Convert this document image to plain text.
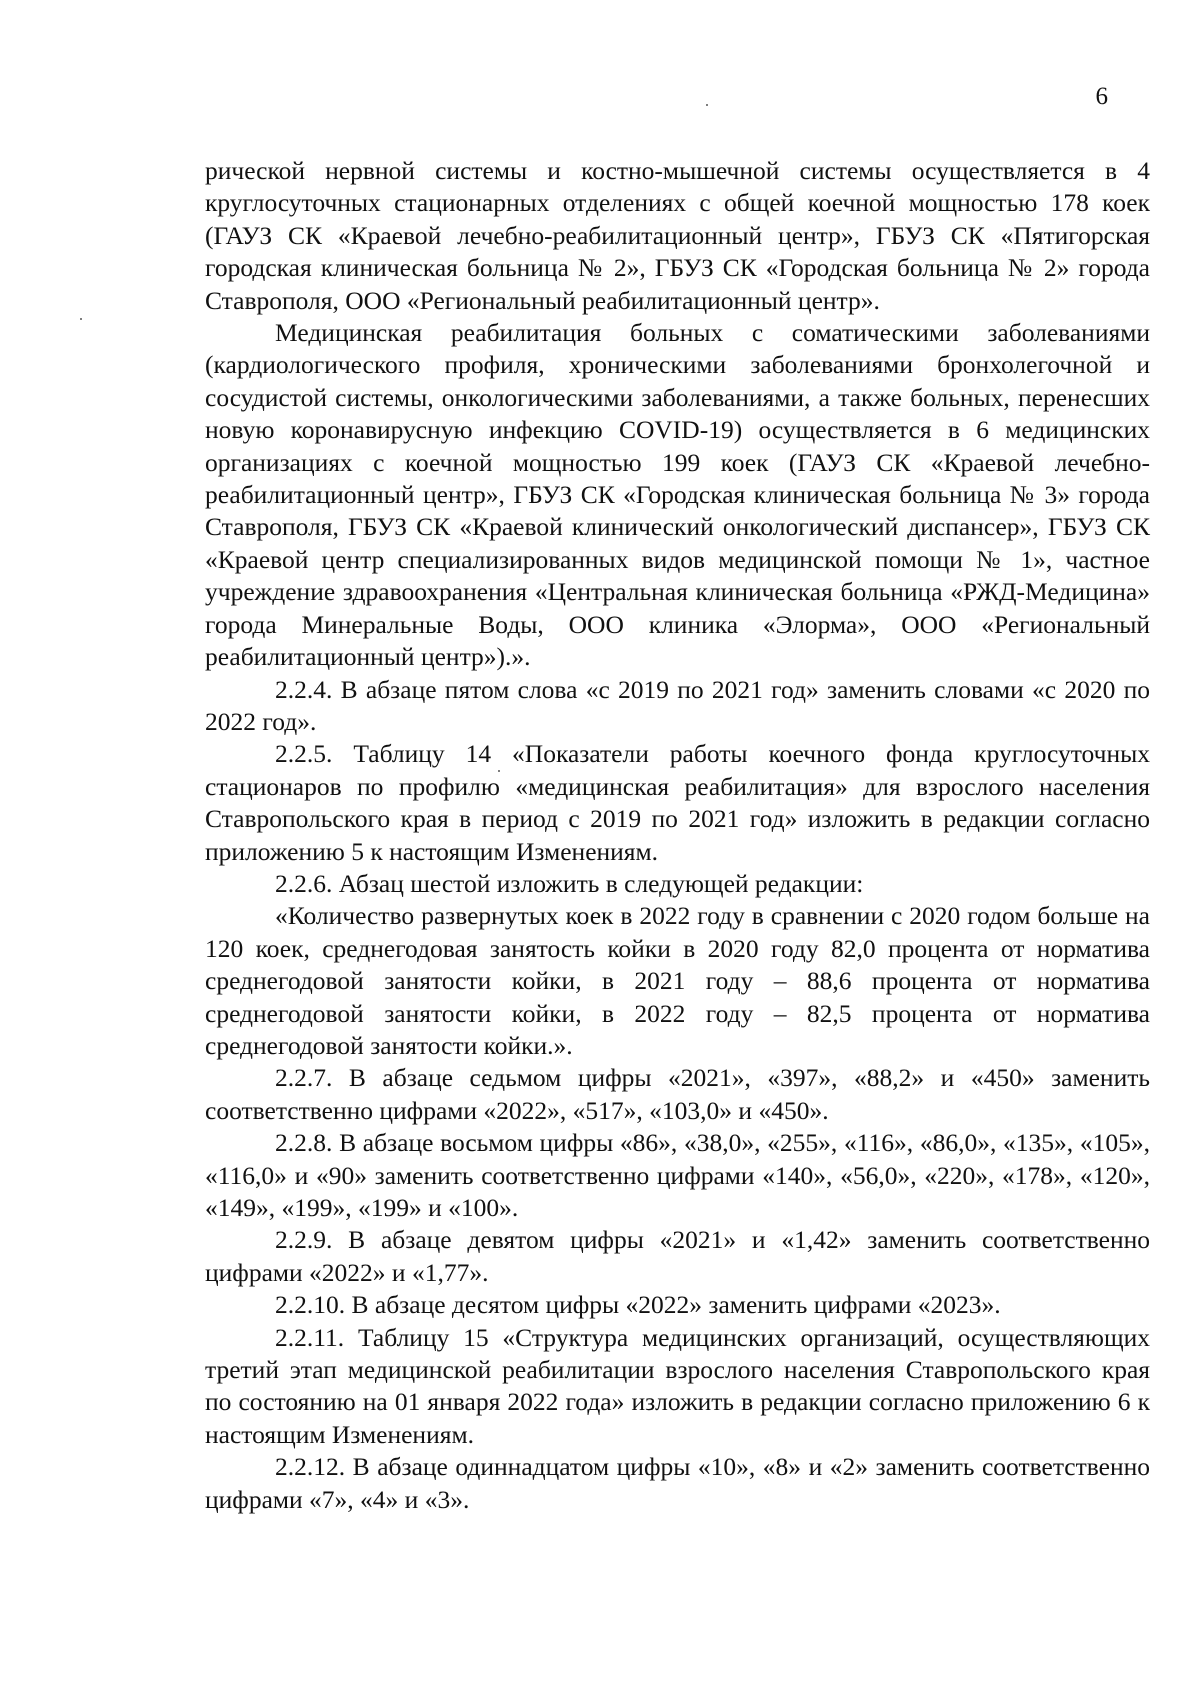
6

рической нервной системы и костно-мышечной системы осуществляется в 4 круглосуточных стационарных отделениях с общей коечной мощностью 178 коек (ГАУЗ СК «Краевой лечебно-реабилитационный центр», ГБУЗ СК «Пятигорская городская клиническая больница № 2», ГБУЗ СК «Городская больница № 2» города Ставрополя, ООО «Региональный реабилитационный центр».

Медицинская реабилитация больных с соматическими заболеваниями (кардиологического профиля, хроническими заболеваниями бронхолегочной и сосудистой системы, онкологическими заболеваниями, а также больных, перенесших новую коронавирусную инфекцию COVID-19) осуществляется в 6 медицинских организациях с коечной мощностью 199 коек (ГАУЗ СК «Краевой лечебно-реабилитационный центр», ГБУЗ СК «Городская клиническая больница № 3» города Ставрополя, ГБУЗ СК «Краевой клинический онкологический диспансер», ГБУЗ СК «Краевой центр специализированных видов медицинской помощи № 1», частное учреждение здравоохранения «Центральная клиническая больница «РЖД-Медицина» города Минеральные Воды, ООО клиника «Элорма», ООО «Региональный реабилитационный центр»).».

2.2.4. В абзаце пятом слова «с 2019 по 2021 год» заменить словами «с 2020 по 2022 год».

2.2.5. Таблицу 14 «Показатели работы коечного фонда круглосуточных стационаров по профилю «медицинская реабилитация» для взрослого населения Ставропольского края в период с 2019 по 2021 год» изложить в редакции согласно приложению 5 к настоящим Изменениям.

2.2.6. Абзац шестой изложить в следующей редакции:

«Количество развернутых коек в 2022 году в сравнении с 2020 годом больше на 120 коек, среднегодовая занятость койки в 2020 году 82,0 процента от норматива среднегодовой занятости койки, в 2021 году – 88,6 процента от норматива среднегодовой занятости койки, в 2022 году – 82,5 процента от норматива среднегодовой занятости койки.».

2.2.7. В абзаце седьмом цифры «2021», «397», «88,2» и «450» заменить соответственно цифрами «2022», «517», «103,0» и «450».

2.2.8. В абзаце восьмом цифры «86», «38,0», «255», «116», «86,0», «135», «105», «116,0» и «90» заменить соответственно цифрами «140», «56,0», «220», «178», «120», «149», «199», «199» и «100».

2.2.9. В абзаце девятом цифры «2021» и «1,42» заменить соответственно цифрами «2022» и «1,77».

2.2.10. В абзаце десятом цифры «2022» заменить цифрами «2023».

2.2.11. Таблицу 15 «Структура медицинских организаций, осуществляющих третий этап медицинской реабилитации взрослого населения Ставропольского края по состоянию на 01 января 2022 года» изложить в редакции согласно приложению 6 к настоящим Изменениям.

2.2.12. В абзаце одиннадцатом цифры «10», «8» и «2» заменить соответственно цифрами «7», «4» и «3».
